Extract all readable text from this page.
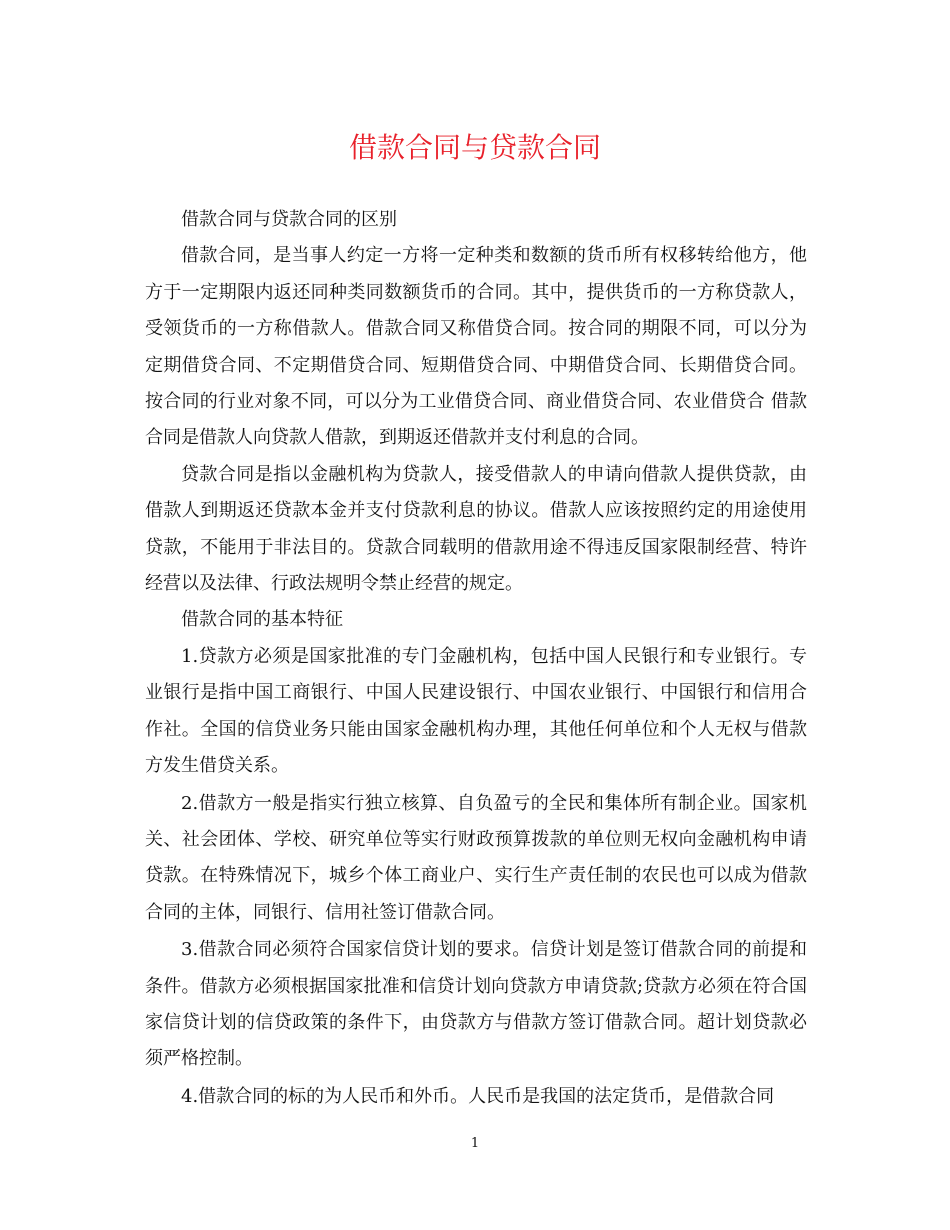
借款合同与贷款合同

借款合同与贷款合同的区别

借款合同，是当事人约定一方将一定种类和数额的货币所有权移转给他方，他方于一定期限内返还同种类同数额货币的合同。其中，提供货币的一方称贷款人，受领货币的一方称借款人。借款合同又称借贷合同。按合同的期限不同，可以分为定期借贷合同、不定期借贷合同、短期借贷合同、中期借贷合同、长期借贷合同。按合同的行业对象不同，可以分为工业借贷合同、商业借贷合同、农业借贷合 借款合同是借款人向贷款人借款，到期返还借款并支付利息的合同。

贷款合同是指以金融机构为贷款人，接受借款人的申请向借款人提供贷款，由借款人到期返还贷款本金并支付贷款利息的协议。借款人应该按照约定的用途使用贷款，不能用于非法目的。贷款合同载明的借款用途不得违反国家限制经营、特许经营以及法律、行政法规明令禁止经营的规定。

借款合同的基本特征

1.贷款方必须是国家批准的专门金融机构，包括中国人民银行和专业银行。专业银行是指中国工商银行、中国人民建设银行、中国农业银行、中国银行和信用合作社。全国的信贷业务只能由国家金融机构办理，其他任何单位和个人无权与借款方发生借贷关系。

2.借款方一般是指实行独立核算、自负盈亏的全民和集体所有制企业。国家机关、社会团体、学校、研究单位等实行财政预算拨款的单位则无权向金融机构申请贷款。在特殊情况下，城乡个体工商业户、实行生产责任制的农民也可以成为借款合同的主体，同银行、信用社签订借款合同。

3.借款合同必须符合国家信贷计划的要求。信贷计划是签订借款合同的前提和条件。借款方必须根据国家批准和信贷计划向贷款方申请贷款;贷款方必须在符合国家信贷计划的信贷政策的条件下，由贷款方与借款方签订借款合同。超计划贷款必须严格控制。

4.借款合同的标的为人民币和外币。人民币是我国的法定货币，是借款合同

1
